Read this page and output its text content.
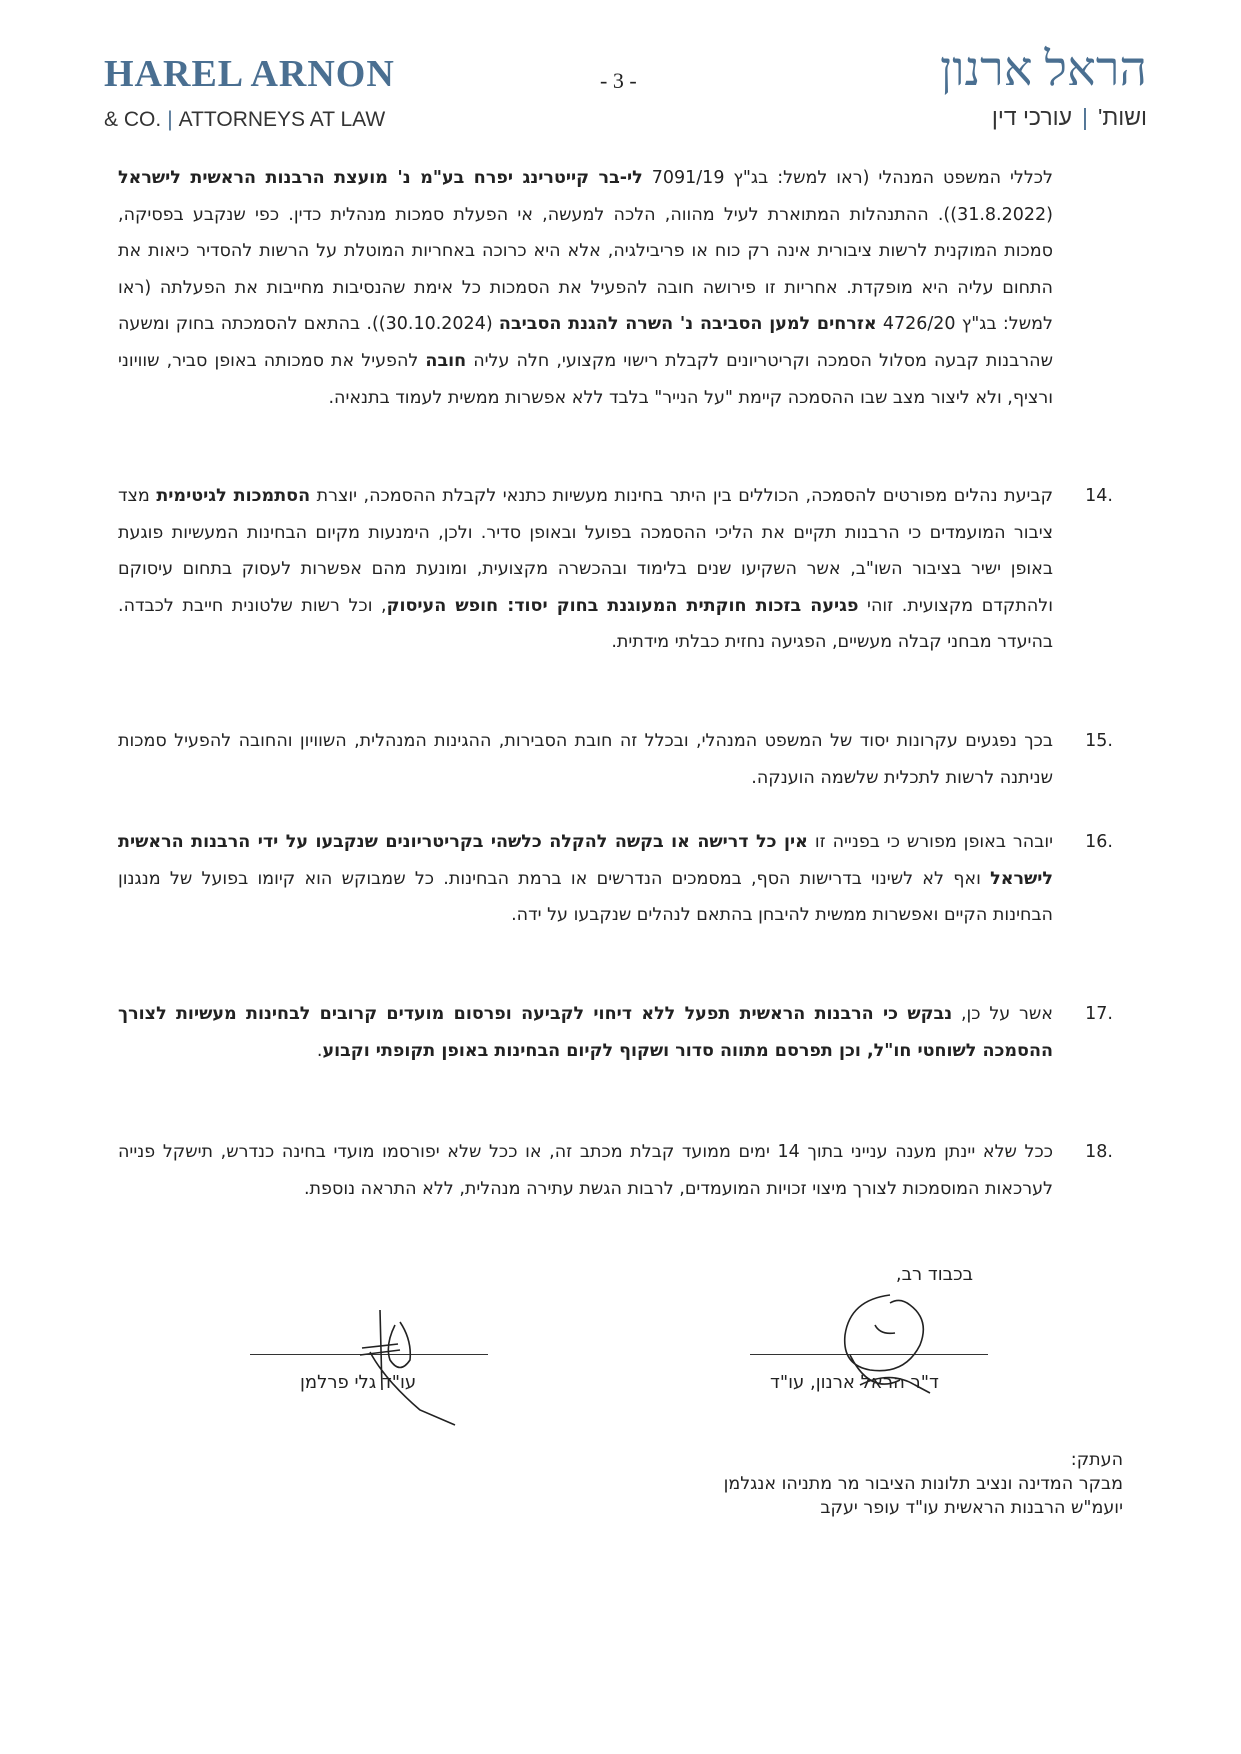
HAREL ARNON
& CO. | ATTORNEYS AT LAW
- 3 -	הראל ארנון
ושות'|עורכי דין
לכללי המשפט המנהלי (ראו למשל: בג"ץ 7091/19 לי-בר קייטרינג יפרח בע"מ נ' מועצת הרבנות הראשית לישראל (31.8.2022)). ההתנהלות המתוארת לעיל מהווה, הלכה למעשה, אי הפעלת סמכות מנהלית כדין. כפי שנקבע בפסיקה, סמכות המוקנית לרשות ציבורית אינה רק כוח או פריבילגיה, אלא היא כרוכה באחריות המוטלת על הרשות להסדיר כיאות את התחום עליה היא מופקדת. אחריות זו פירושה חובה להפעיל את הסמכות כל אימת שהנסיבות מחייבות את הפעלתה (ראו למשל: בג"ץ 4726/20 אזרחים למען הסביבה נ' השרה להגנת הסביבה (30.10.2024)). בהתאם להסמכתה בחוק ומשעה שהרבנות קבעה מסלול הסמכה וקריטריונים לקבלת רישוי מקצועי, חלה עליה חובה להפעיל את סמכותה באופן סביר, שוויוני ורציף, ולא ליצור מצב שבו ההסמכה קיימת "על הנייר" בלבד ללא אפשרות ממשית לעמוד בתנאיה.
14.
קביעת נהלים מפורטים להסמכה, הכוללים בין היתר בחינות מעשיות כתנאי לקבלת ההסמכה, יוצרת הסתמכות לגיטימית מצד ציבור המועמדים כי הרבנות תקיים את הליכי ההסמכה בפועל ובאופן סדיר. ולכן, הימנעות מקיום הבחינות המעשיות פוגעת באופן ישיר בציבור השו"ב, אשר השקיעו שנים בלימוד ובהכשרה מקצועית, ומונעת מהם אפשרות לעסוק בתחום עיסוקם ולהתקדם מקצועית. זוהי פגיעה בזכות חוקתית המעוגנת בחוק יסוד: חופש העיסוק, וכל רשות שלטונית חייבת לכבדה. בהיעדר מבחני קבלה מעשיים, הפגיעה נחזית כבלתי מידתית.
15.
בכך נפגעים עקרונות יסוד של המשפט המנהלי, ובכלל זה חובת הסבירות, ההגינות המנהלית, השוויון והחובה להפעיל סמכות שניתנה לרשות לתכלית שלשמה הוענקה.
16.
יובהר באופן מפורש כי בפנייה זו אין כל דרישה או בקשה להקלה כלשהי בקריטריונים שנקבעו על ידי הרבנות הראשית לישראל ואף לא לשינוי בדרישות הסף, במסמכים הנדרשים או ברמת הבחינות. כל שמבוקש הוא קיומו בפועל של מנגנון הבחינות הקיים ואפשרות ממשית להיבחן בהתאם לנהלים שנקבעו על ידה.
17.
אשר על כן, נבקש כי הרבנות הראשית תפעל ללא דיחוי לקביעה ופרסום מועדים קרובים לבחינות מעשיות לצורך ההסמכה לשוחטי חו"ל, וכן תפרסם מתווה סדור ושקוף לקיום הבחינות באופן תקופתי וקבוע.
18.
ככל שלא יינתן מענה ענייני בתוך 14 ימים ממועד קבלת מכתב זה, או ככל שלא יפורסמו מועדי בחינה כנדרש, תישקל פנייה לערכאות המוסמכות לצורך מיצוי זכויות המועמדים, לרבות הגשת עתירה מנהלית, ללא התראה נוספת.
בכבוד רב,
עו"ד גלי פרלמן	ד"ר הראל ארנון, עו"ד
העתק:
מבקר המדינה ונציב תלונות הציבור מר מתניהו אנגלמן
יועמ"ש הרבנות הראשית עו"ד עופר יעקב
